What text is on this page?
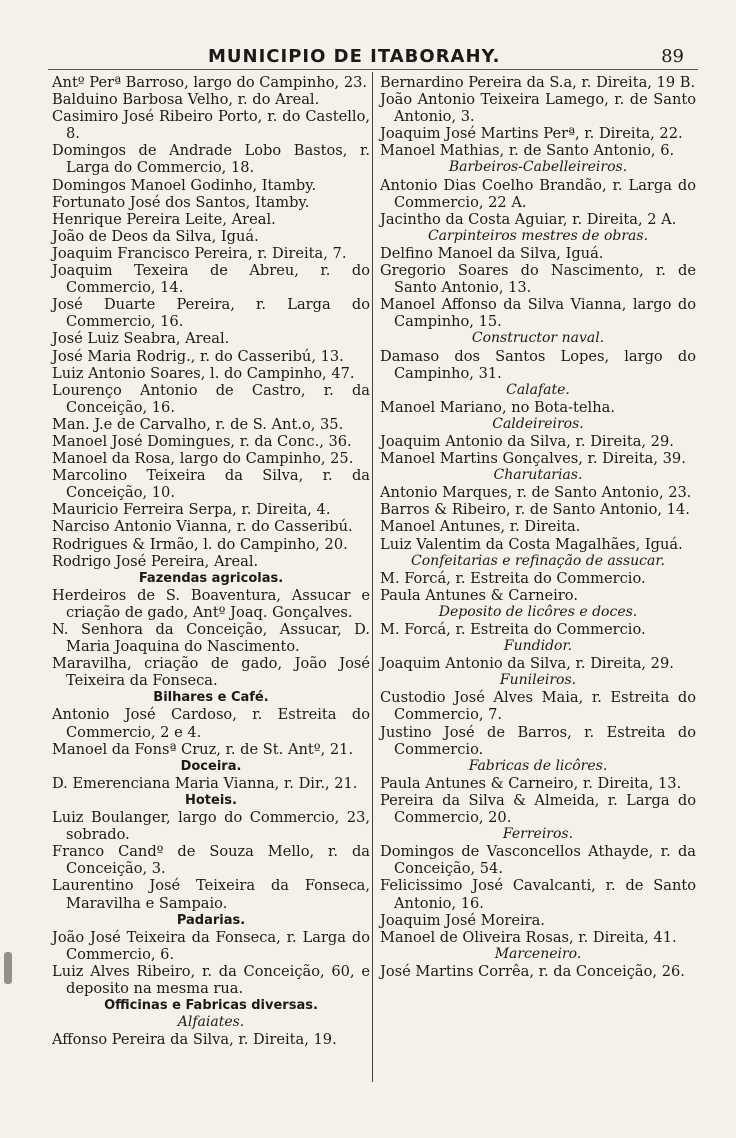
MUNICIPIO DE ITABORAHY.	89

Antº Perª Barroso, largo do Campinho, 23.

Balduino Barbosa Velho, r. do Areal.

Casimiro José Ribeiro Porto, r. do Castello, 8.

Domingos de Andrade Lobo Bastos, r. Larga do Commercio, 18.

Domingos Manoel Godinho, Itamby.

Fortunato José dos Santos, Itamby.

Henrique Pereira Leite, Areal.

João de Deos da Silva, Iguá.

Joaquim Francisco Pereira, r. Direita, 7.

Joaquim Texeira de Abreu, r. do Commercio, 14.

José Duarte Pereira, r. Larga do Commercio, 16.

José Luiz Seabra, Areal.

José Maria Rodrig., r. do Casseribú, 13.

Luiz Antonio Soares, l. do Campinho, 47.

Lourenço Antonio de Castro, r. da Conceição, 16.

Man. J.e de Carvalho, r. de S. Ant.o, 35.

Manoel José Domingues, r. da Conc., 36.

Manoel da Rosa, largo do Campinho, 25.

Marcolino Teixeira da Silva, r. da Conceição, 10.

Mauricio Ferreira Serpa, r. Direita, 4.

Narciso Antonio Vianna, r. do Casseribú.

Rodrigues & Irmão, l. do Campinho, 20.

Rodrigo José Pereira, Areal.

Fazendas agricolas.

Herdeiros de S. Boaventura, Assucar e criação de gado, Antº Joaq. Gonçalves.

N. Senhora da Conceição, Assucar, D. Maria Joaquina do Nascimento.

Maravilha, criação de gado, João José Teixeira da Fonseca.

Bilhares e Café.

Antonio José Cardoso, r. Estreita do Commercio, 2 e 4.

Manoel da Fonsª Cruz, r. de St. Antº, 21.

Doceira.

D. Emerenciana Maria Vianna, r. Dir., 21.

Hoteis.

Luiz Boulanger, largo do Commercio, 23, sobrado.

Franco Candº de Souza Mello, r. da Conceição, 3.

Laurentino José Teixeira da Fonseca, Maravilha e Sampaio.

Padarias.

João José Teixeira da Fonseca, r. Larga do Commercio, 6.

Luiz Alves Ribeiro, r. da Conceição, 60, e deposito na mesma rua.

Officinas e Fabricas diversas.

Alfaiates.

Affonso Pereira da Silva, r. Direita, 19.

Bernardino Pereira da S.a, r. Direita, 19 B.

João Antonio Teixeira Lamego, r. de Santo Antonio, 3.

Joaquim José Martins Perª, r. Direita, 22.

Manoel Mathias, r. de Santo Antonio, 6.

Barbeiros-Cabelleireiros.

Antonio Dias Coelho Brandão, r. Larga do Commercio, 22 A.

Jacintho da Costa Aguiar, r. Direita, 2 A.

Carpinteiros mestres de obras.

Delfino Manoel da Silva, Iguá.

Gregorio Soares do Nascimento, r. de Santo Antonio, 13.

Manoel Affonso da Silva Vianna, largo do Campinho, 15.

Constructor naval.

Damaso dos Santos Lopes, largo do Campinho, 31.

Calafate.

Manoel Mariano, no Bota-telha.

Caldeireiros.

Joaquim Antonio da Silva, r. Direita, 29.

Manoel Martins Gonçalves, r. Direita, 39.

Charutarias.

Antonio Marques, r. de Santo Antonio, 23.

Barros & Ribeiro, r. de Santo Antonio, 14.

Manoel Antunes, r. Direita.

Luiz Valentim da Costa Magalhães, Iguá.

Confeitarias e refinação de assucar.

M. Forcá, r. Estreita do Commercio.

Paula Antunes & Carneiro.

Deposito de licôres e doces.

M. Forcá, r. Estreita do Commercio.

Fundidor.

Joaquim Antonio da Silva, r. Direita, 29.

Funileiros.

Custodio José Alves Maia, r. Estreita do Commercio, 7.

Justino José de Barros, r. Estreita do Commercio.

Fabricas de licôres.

Paula Antunes & Carneiro, r. Direita, 13.

Pereira da Silva & Almeida, r. Larga do Commercio, 20.

Ferreiros.

Domingos de Vasconcellos Athayde, r. da Conceição, 54.

Felicissimo José Cavalcanti, r. de Santo Antonio, 16.

Joaquim José Moreira.

Manoel de Oliveira Rosas, r. Direita, 41.

Marceneiro.

José Martins Corrêa, r. da Conceição, 26.
